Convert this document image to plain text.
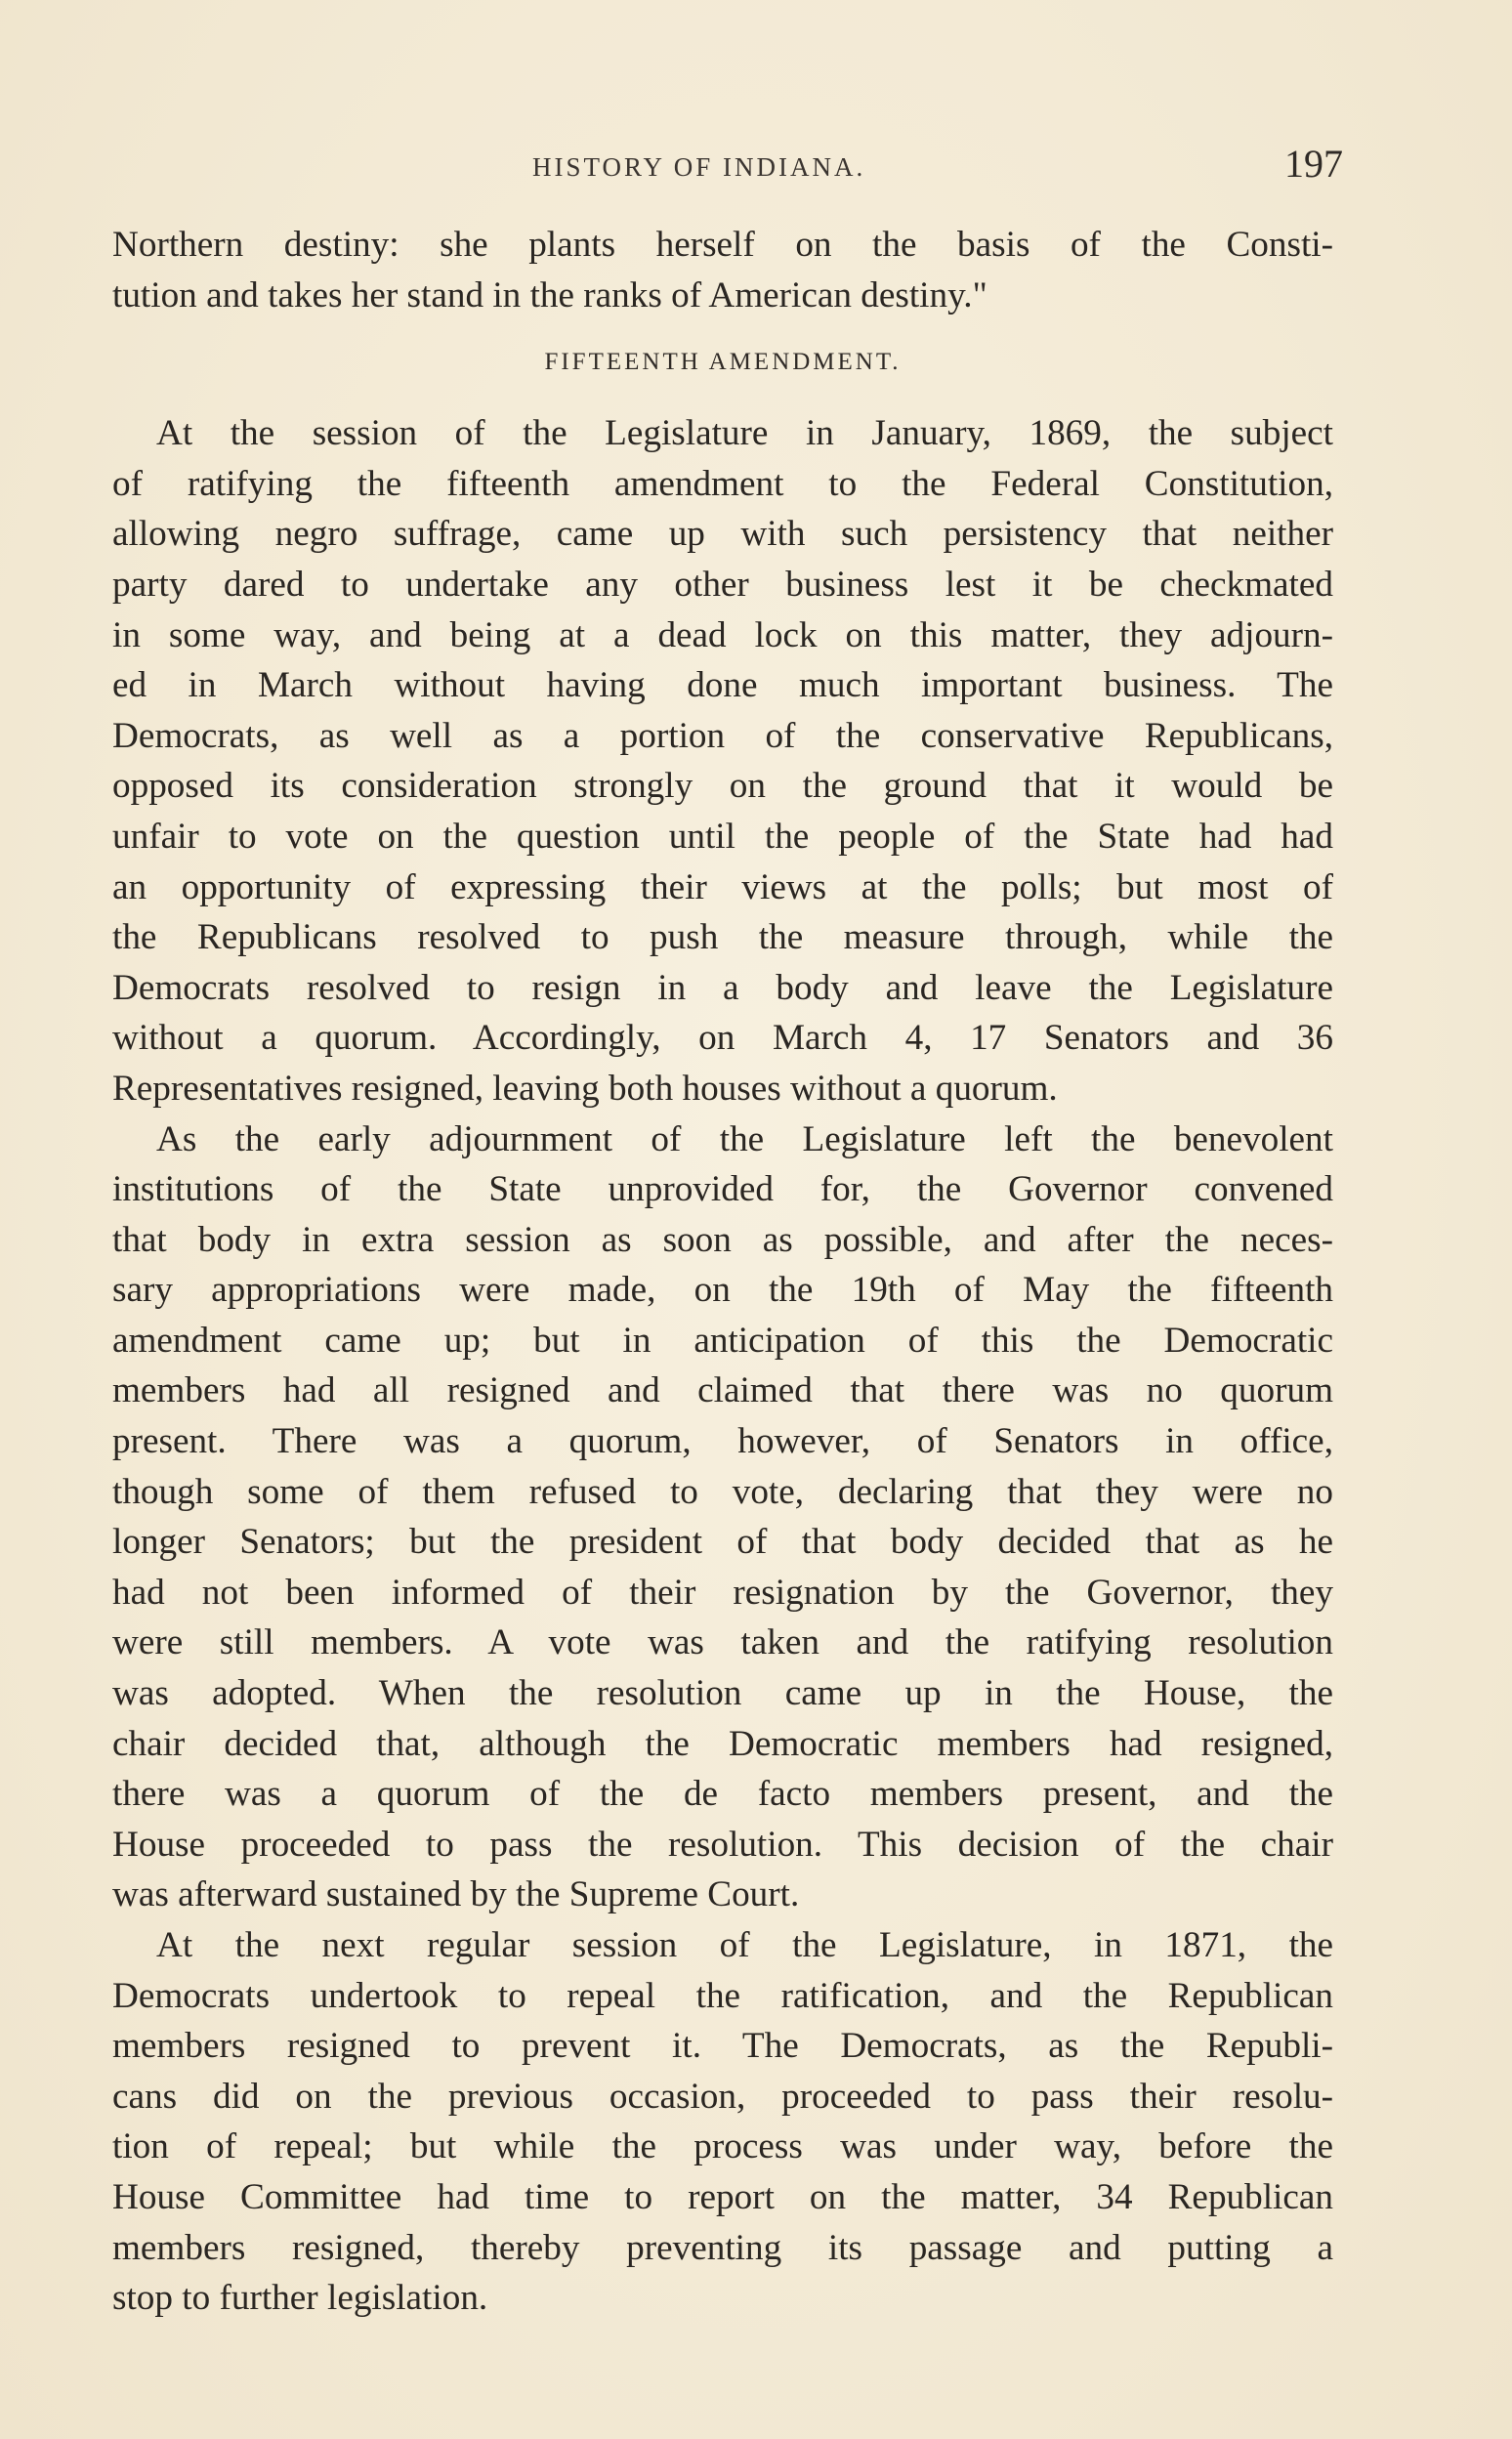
HISTORY OF INDIANA.	197
Northern destiny: she plants herself on the basis of the Consti-
tution and takes her stand in the ranks of American destiny."
FIFTEENTH AMENDMENT.
At the session of the Legislature in January, 1869, the subject
of ratifying the fifteenth amendment to the Federal Constitution,
allowing negro suffrage, came up with such persistency that neither
party dared to undertake any other business lest it be checkmated
in some way, and being at a dead lock on this matter, they adjourn-
ed in March without having done much important business. The
Democrats, as well as a portion of the conservative Republicans,
opposed its consideration strongly on the ground that it would be
unfair to vote on the question until the people of the State had had
an opportunity of expressing their views at the polls; but most of
the Republicans resolved to push the measure through, while the
Democrats resolved to resign in a body and leave the Legislature
without a quorum. Accordingly, on March 4, 17 Senators and 36
Representatives resigned, leaving both houses without a quorum.
As the early adjournment of the Legislature left the benevolent
institutions of the State unprovided for, the Governor convened
that body in extra session as soon as possible, and after the neces-
sary appropriations were made, on the 19th of May the fifteenth
amendment came up; but in anticipation of this the Democratic
members had all resigned and claimed that there was no quorum
present. There was a quorum, however, of Senators in office,
though some of them refused to vote, declaring that they were no
longer Senators; but the president of that body decided that as he
had not been informed of their resignation by the Governor, they
were still members. A vote was taken and the ratifying resolution
was adopted. When the resolution came up in the House, the
chair decided that, although the Democratic members had resigned,
there was a quorum of the de facto members present, and the
House proceeded to pass the resolution. This decision of the chair
was afterward sustained by the Supreme Court.
At the next regular session of the Legislature, in 1871, the
Democrats undertook to repeal the ratification, and the Republican
members resigned to prevent it. The Democrats, as the Republi-
cans did on the previous occasion, proceeded to pass their resolu-
tion of repeal; but while the process was under way, before the
House Committee had time to report on the matter, 34 Republican
members resigned, thereby preventing its passage and putting a
stop to further legislation.
